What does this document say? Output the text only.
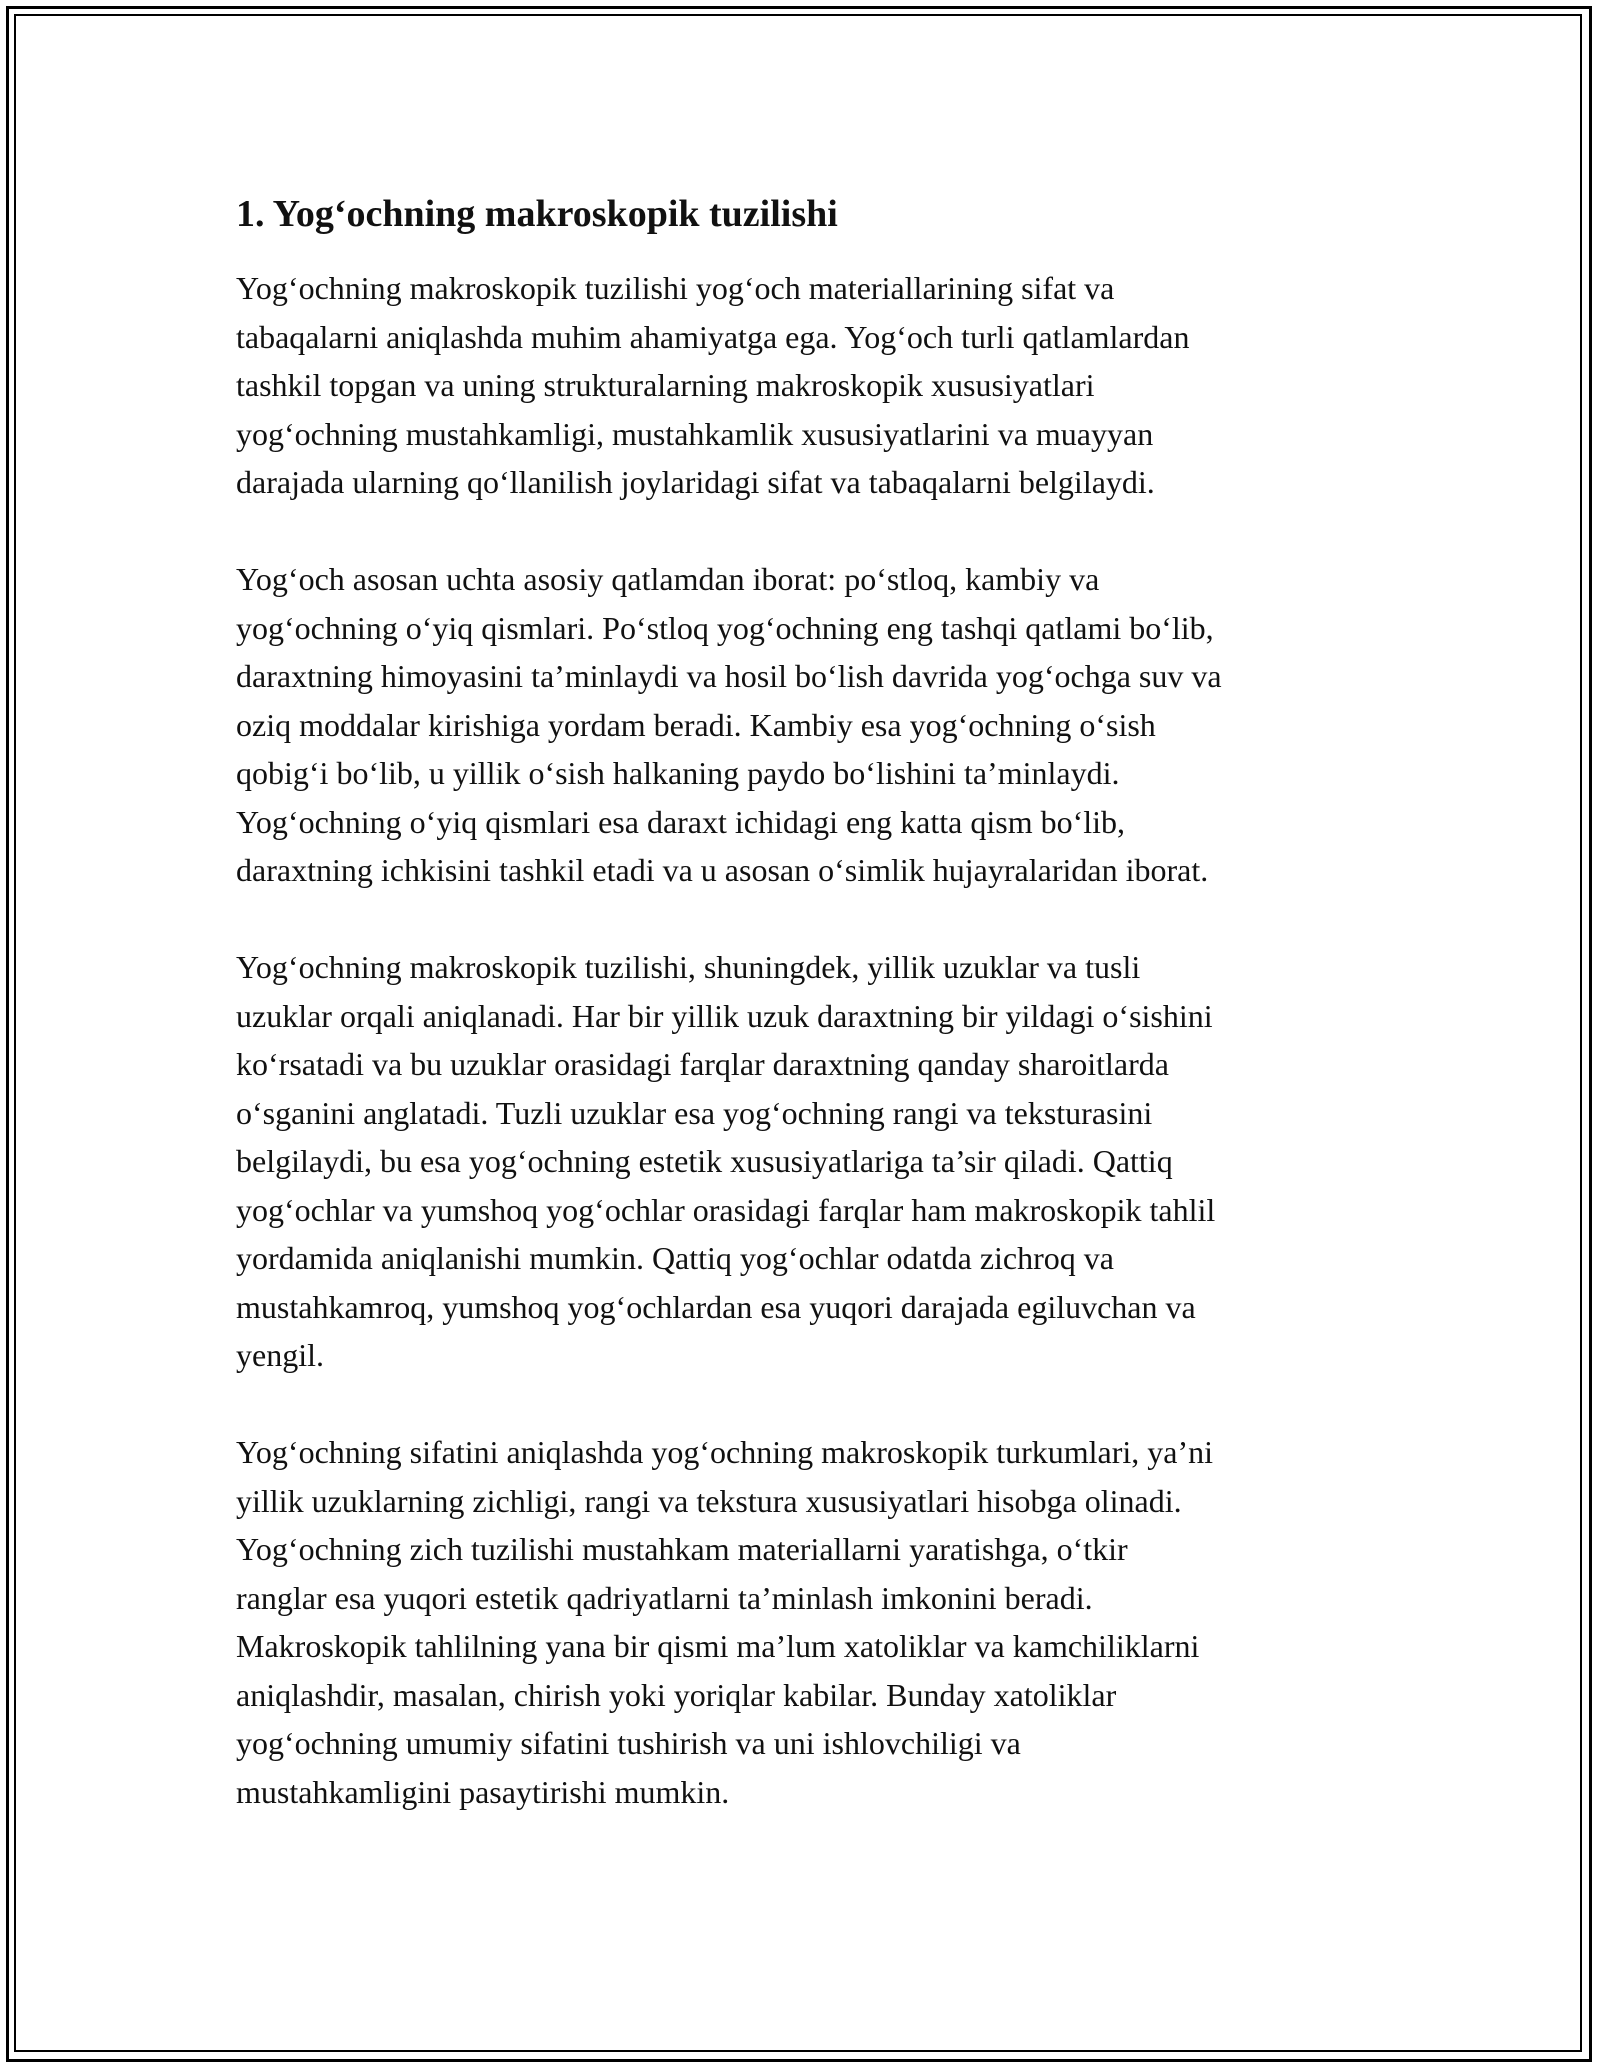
1. Yog‘ochning makroskopik tuzilishi
Yog‘ochning makroskopik tuzilishi yog‘och materiallarining sifat va
tabaqalarni aniqlashda muhim ahamiyatga ega. Yog‘och turli qatlamlardan
tashkil topgan va uning strukturalarning makroskopik xususiyatlari
yog‘ochning mustahkamligi, mustahkamlik xususiyatlarini va muayyan
darajada ularning qo‘llanilish joylaridagi sifat va tabaqalarni belgilaydi.
Yog‘och asosan uchta asosiy qatlamdan iborat: po‘stloq, kambiy va
yog‘ochning o‘yiq qismlari. Po‘stloq yog‘ochning eng tashqi qatlami bo‘lib,
daraxtning himoyasini ta’minlaydi va hosil bo‘lish davrida yog‘ochga suv va
oziq moddalar kirishiga yordam beradi. Kambiy esa yog‘ochning o‘sish
qobig‘i bo‘lib, u yillik o‘sish halkaning paydo bo‘lishini ta’minlaydi.
Yog‘ochning o‘yiq qismlari esa daraxt ichidagi eng katta qism bo‘lib,
daraxtning ichkisini tashkil etadi va u asosan o‘simlik hujayralaridan iborat.
Yog‘ochning makroskopik tuzilishi, shuningdek, yillik uzuklar va tusli
uzuklar orqali aniqlanadi. Har bir yillik uzuk daraxtning bir yildagi o‘sishini
ko‘rsatadi va bu uzuklar orasidagi farqlar daraxtning qanday sharoitlarda
o‘sganini anglatadi. Tuzli uzuklar esa yog‘ochning rangi va teksturasini
belgilaydi, bu esa yog‘ochning estetik xususiyatlariga ta’sir qiladi. Qattiq
yog‘ochlar va yumshoq yog‘ochlar orasidagi farqlar ham makroskopik tahlil
yordamida aniqlanishi mumkin. Qattiq yog‘ochlar odatda zichroq va
mustahkamroq, yumshoq yog‘ochlardan esa yuqori darajada egiluvchan va
yengil.
Yog‘ochning sifatini aniqlashda yog‘ochning makroskopik turkumlari, ya’ni
yillik uzuklarning zichligi, rangi va tekstura xususiyatlari hisobga olinadi.
Yog‘ochning zich tuzilishi mustahkam materiallarni yaratishga, o‘tkir
ranglar esa yuqori estetik qadriyatlarni ta’minlash imkonini beradi.
Makroskopik tahlilning yana bir qismi ma’lum xatoliklar va kamchiliklarni
aniqlashdir, masalan, chirish yoki yoriqlar kabilar. Bunday xatoliklar
yog‘ochning umumiy sifatini tushirish va uni ishlovchiligi va
mustahkamligini pasaytirishi mumkin.
